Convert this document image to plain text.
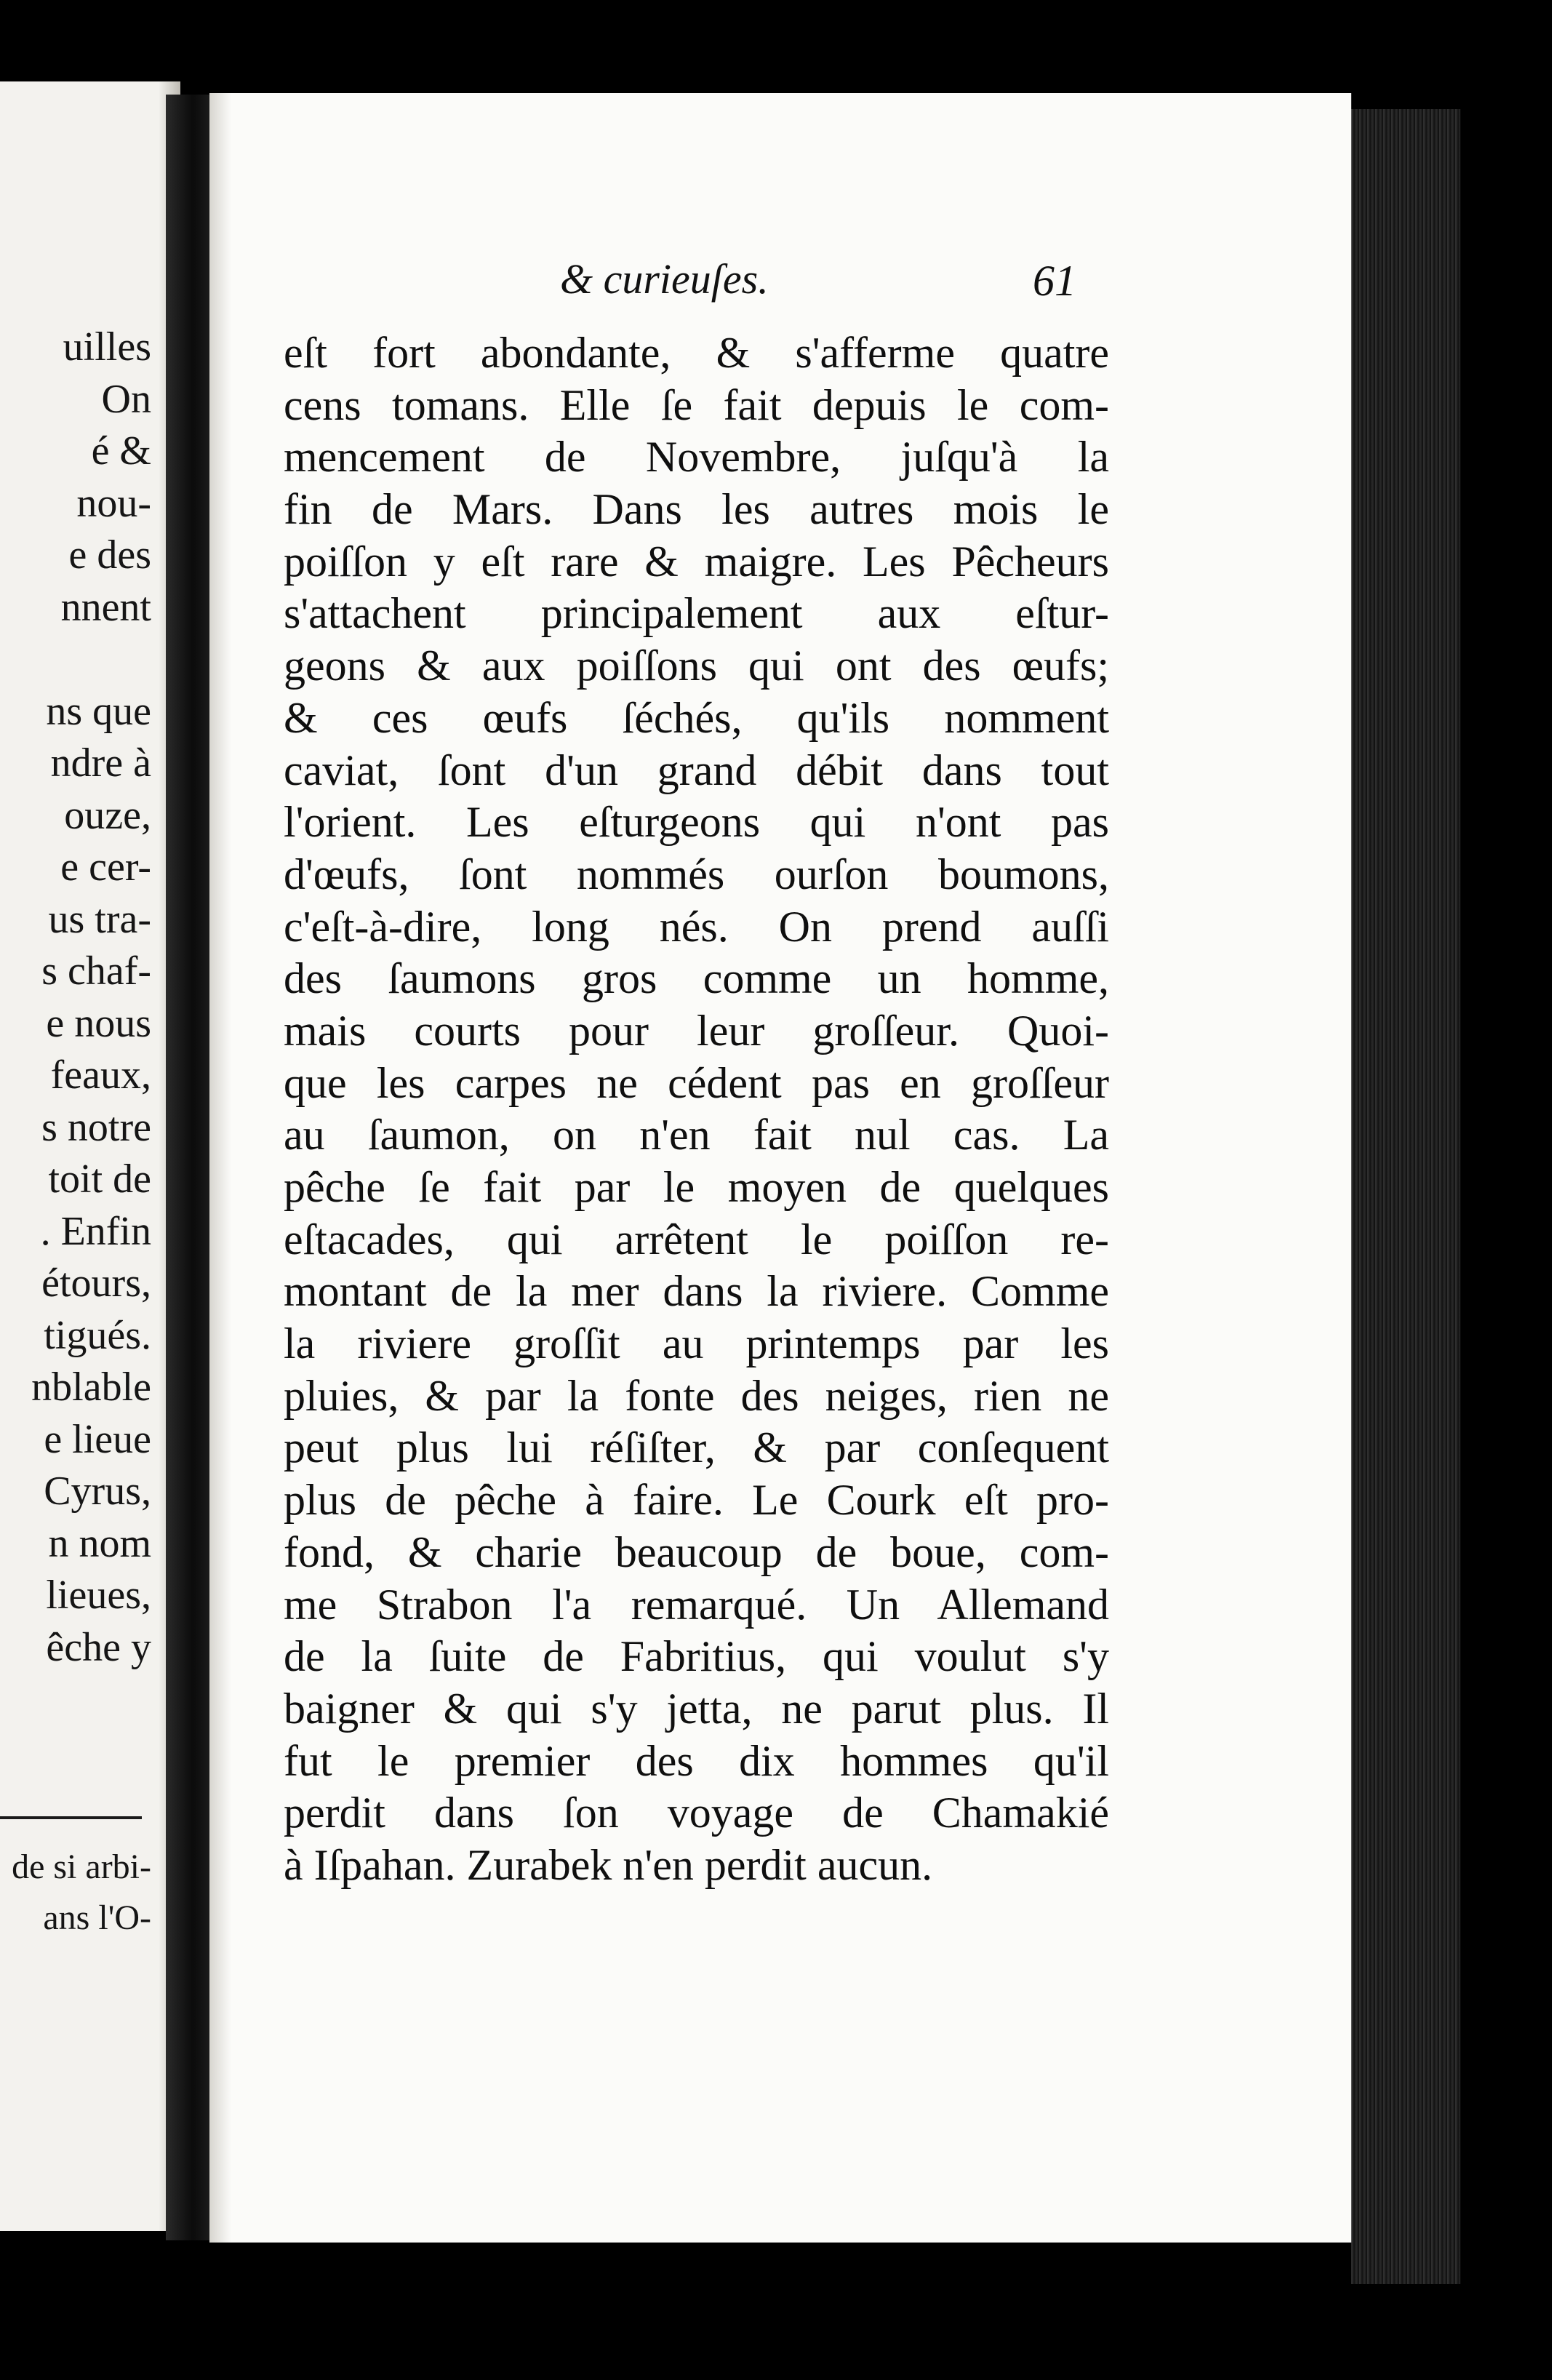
uilles
On
é &
nou-
e des
nnent

ns que
ndre à
ouze,
e cer-
us tra-
s chaf-
e nous
feaux,
s notre
toit de
. Enfin
étours,
tigués.
nblable
e lieue
Cyrus,
n nom
lieues,
êche y
de si arbi-
ans l'O-
& curieuſes.	61
eſt fort abondante, & s'afferme quatre
cens tomans. Elle ſe fait depuis le com-
mencement de Novembre, juſqu'à la
fin de Mars. Dans les autres mois le
poiſſon y eſt rare & maigre. Les Pêcheurs
s'attachent principalement aux eſtur-
geons & aux poiſſons qui ont des œufs;
& ces œufs ſéchés, qu'ils nomment
caviat, ſont d'un grand débit dans tout
l'orient. Les eſturgeons qui n'ont pas
d'œufs, ſont nommés ourſon boumons,
c'eſt-à-dire, long nés. On prend auſſi
des ſaumons gros comme un homme,
mais courts pour leur groſſeur. Quoi-
que les carpes ne cédent pas en groſſeur
au ſaumon, on n'en fait nul cas. La
pêche ſe fait par le moyen de quelques
eſtacades, qui arrêtent le poiſſon re-
montant de la mer dans la riviere. Comme
la riviere groſſit au printemps par les
pluies, & par la fonte des neiges, rien ne
peut plus lui réſiſter, & par conſequent
plus de pêche à faire. Le Courk eſt pro-
fond, & charie beaucoup de boue, com-
me Strabon l'a remarqué. Un Allemand
de la ſuite de Fabritius, qui voulut s'y
baigner & qui s'y jetta, ne parut plus. Il
fut le premier des dix hommes qu'il
perdit dans ſon voyage de Chamakié
à Iſpahan. Zurabek n'en perdit aucun.
